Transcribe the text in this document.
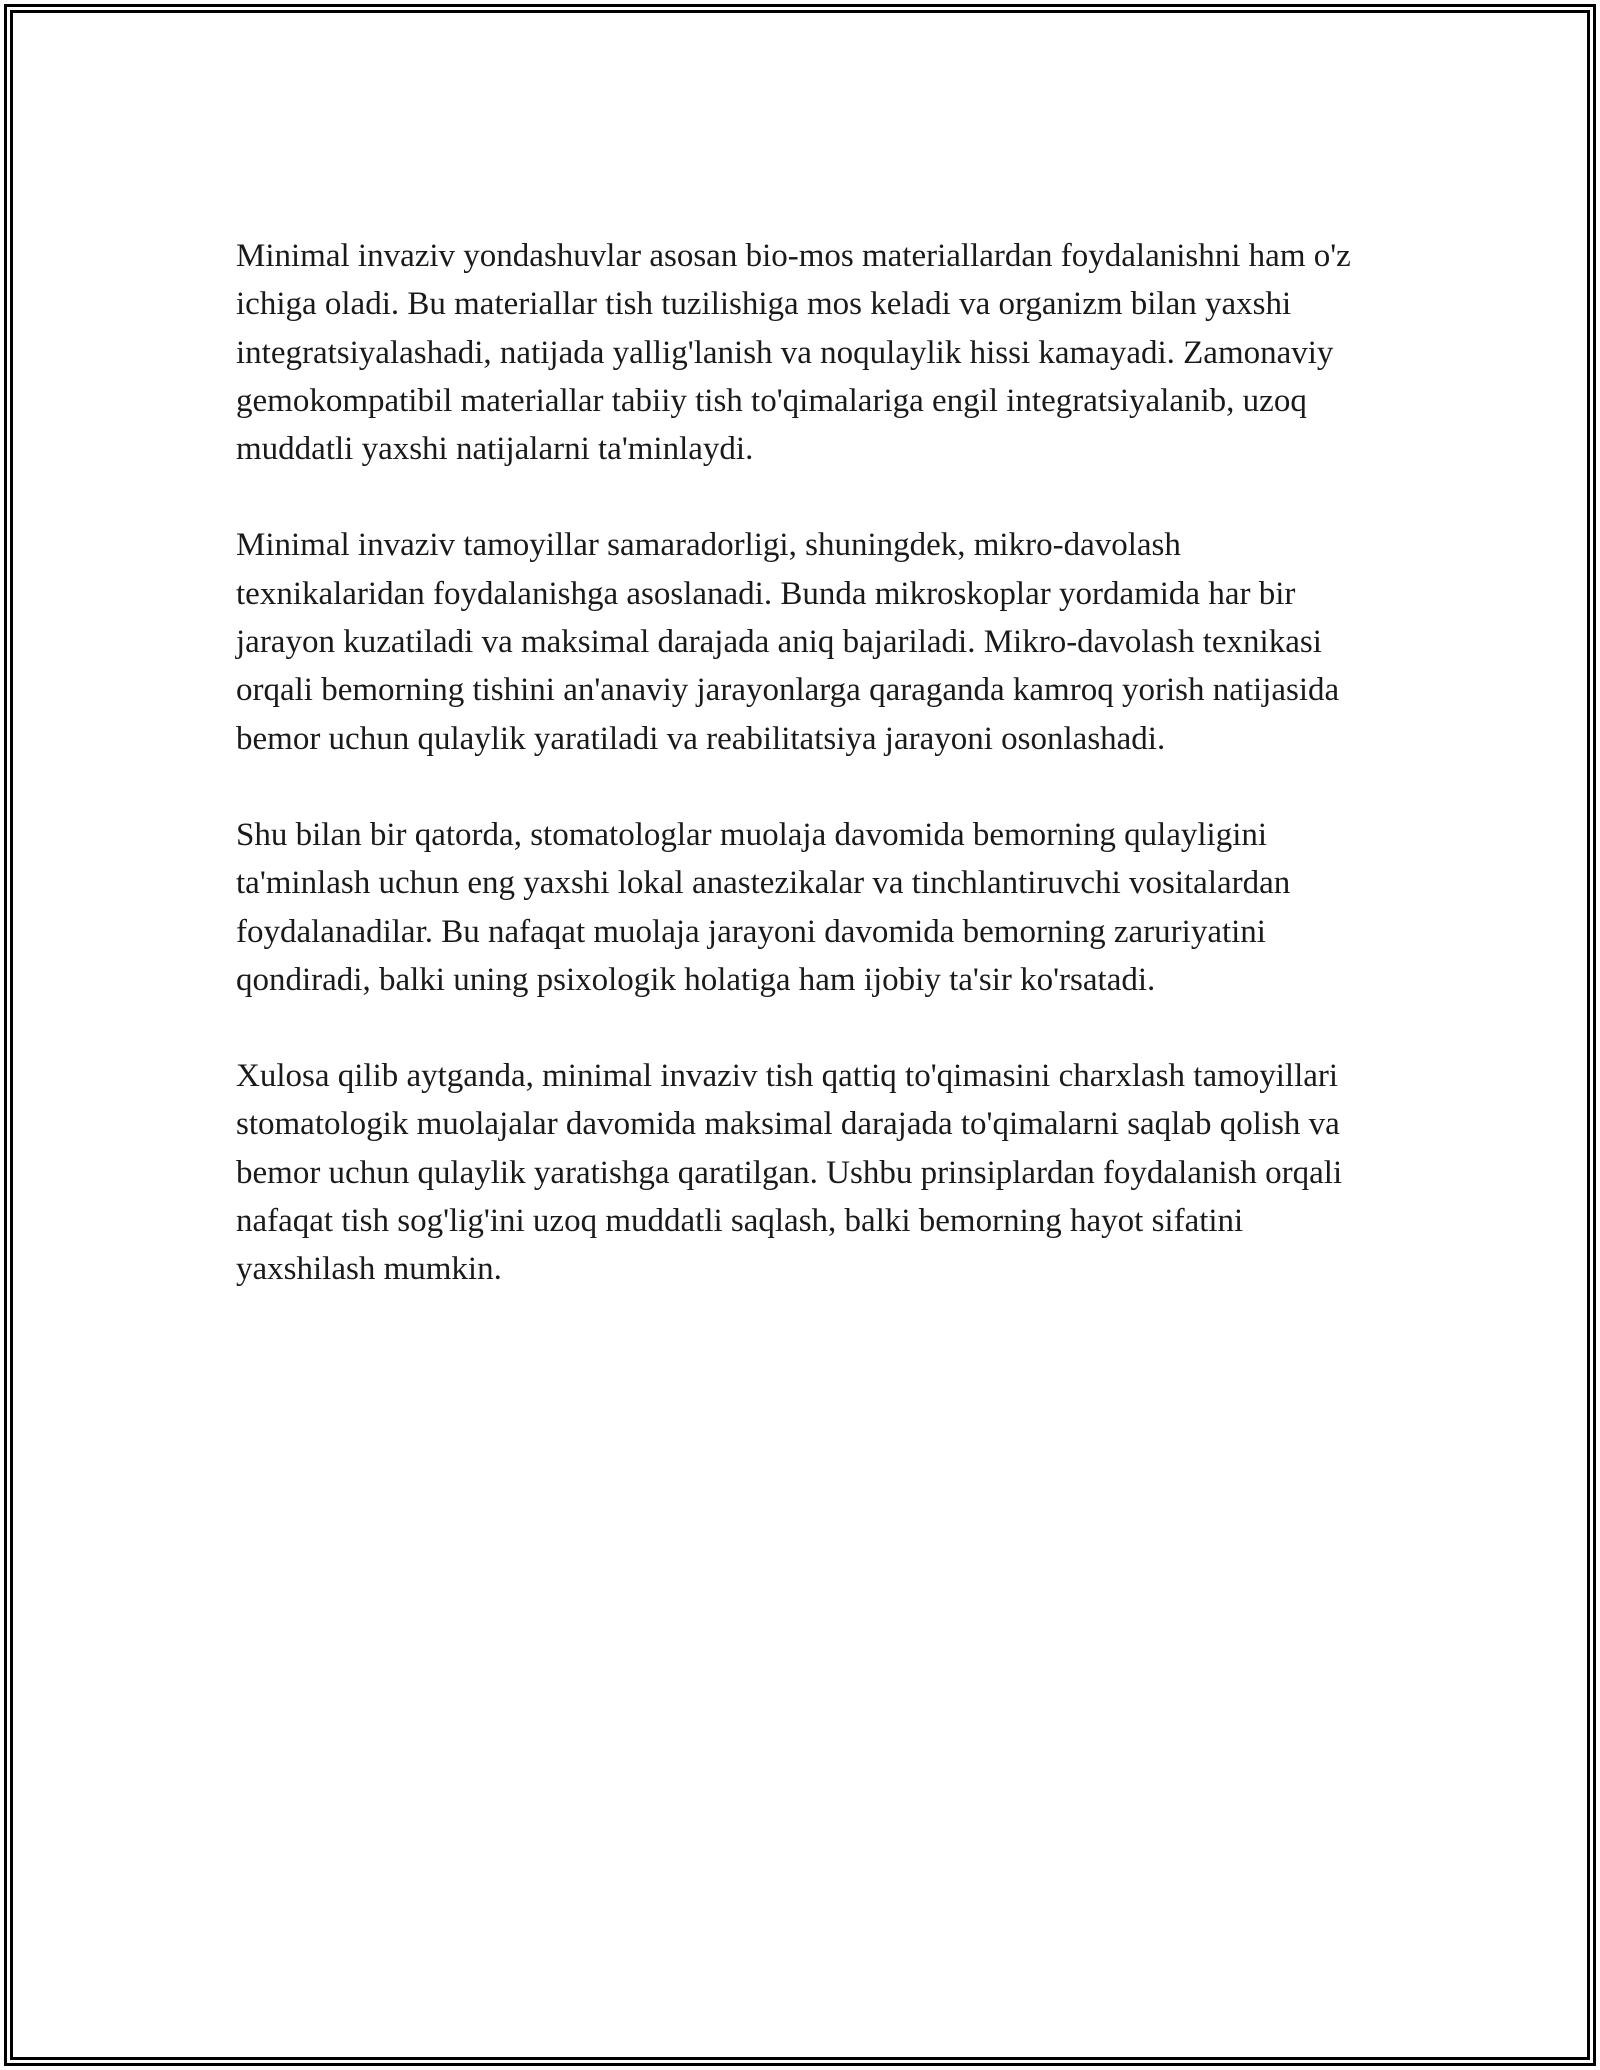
Minimal invaziv yondashuvlar asosan bio-mos materiallardan foydalanishni ham o'z ichiga oladi. Bu materiallar tish tuzilishiga mos keladi va organizm bilan yaxshi integratsiyalashadi, natijada yallig'lanish va noqulaylik hissi kamayadi. Zamonaviy gemokompatibil materiallar tabiiy tish to'qimalariga engil integratsiyalanib, uzoq muddatli yaxshi natijalarni ta'minlaydi.

Minimal invaziv tamoyillar samaradorligi, shuningdek, mikro-davolash texnikalaridan foydalanishga asoslanadi. Bunda mikroskoplar yordamida har bir jarayon kuzatiladi va maksimal darajada aniq bajariladi. Mikro-davolash texnikasi orqali bemorning tishini an'anaviy jarayonlarga qaraganda kamroq yorish natijasida bemor uchun qulaylik yaratiladi va reabilitatsiya jarayoni osonlashadi.

Shu bilan bir qatorda, stomatologlar muolaja davomida bemorning qulayligini ta'minlash uchun eng yaxshi lokal anastezikalar va tinchlantiruvchi vositalardan foydalanadilar. Bu nafaqat muolaja jarayoni davomida bemorning zaruriyatini qondiradi, balki uning psixologik holatiga ham ijobiy ta'sir ko'rsatadi.

Xulosa qilib aytganda, minimal invaziv tish qattiq to'qimasini charxlash tamoyillari stomatologik muolajalar davomida maksimal darajada to'qimalarni saqlab qolish va bemor uchun qulaylik yaratishga qaratilgan. Ushbu prinsiplardan foydalanish orqali nafaqat tish sog'lig'ini uzoq muddatli saqlash, balki bemorning hayot sifatini yaxshilash mumkin.
